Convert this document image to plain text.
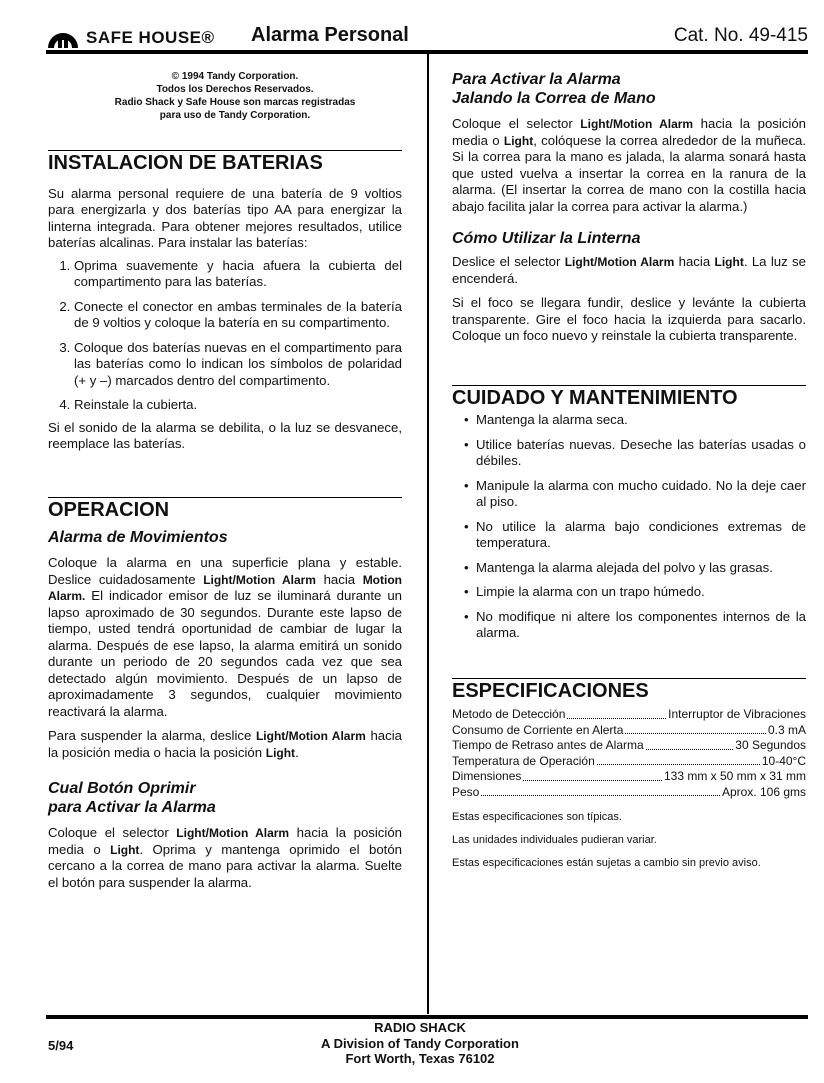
SAFE HOUSE® Alarma Personal	Cat. No. 49-415
© 1994 Tandy Corporation.
Todos los Derechos Reservados.
Radio Shack y Safe House son marcas registradas
para uso de Tandy Corporation.
INSTALACION DE BATERIAS

Su alarma personal requiere de una batería de 9 voltios para energizarla y dos baterías tipo AA para energizar la linterna integrada. Para obtener mejores resultados, utilice baterías alcalinas. Para instalar las baterías:

1. Oprima suavemente y hacia afuera la cubierta del compartimento para las baterías.
2. Conecte el conector en ambas terminales de la batería de 9 voltios y coloque la batería en su compartimento.
3. Coloque dos baterías nuevas en el compartimento para las baterías como lo indican los símbolos de polaridad (+ y –) marcados dentro del compartimento.
4. Reinstale la cubierta.

Si el sonido de la alarma se debilita, o la luz se desvanece, reemplace las baterías.

OPERACION
Alarma de Movimientos

Coloque la alarma en una superficie plana y estable. Deslice cuidadosamente Light/Motion Alarm hacia Motion Alarm. El indicador emisor de luz se iluminará durante un lapso aproximado de 30 segundos. Durante este lapso de tiempo, usted tendrá oportunidad de cambiar de lugar la alarma. Después de ese lapso, la alarma emitirá un sonido durante un periodo de 20 segundos cada vez que sea detectado algún movimiento. Después de un lapso de aproximadamente 3 segundos, cualquier movimiento reactivará la alarma.

Para suspender la alarma, deslice Light/Motion Alarm hacia la posición media o hacia la posición Light.

Cual Botón Oprimir
para Activar la Alarma

Coloque el selector Light/Motion Alarm hacia la posición media o Light. Oprima y mantenga oprimido el botón cercano a la correa de mano para activar la alarma. Suelte el botón para suspender la alarma.

Para Activar la Alarma
Jalando la Correa de Mano

Coloque el selector Light/Motion Alarm hacia la posición media o Light, colóquese la correa alrededor de la muñeca. Si la correa para la mano es jalada, la alarma sonará hasta que usted vuelva a insertar la correa en la ranura de la alarma. (El insertar la correa de mano con la costilla hacia abajo facilita jalar la correa para activar la alarma.)

Cómo Utilizar la Linterna

Deslice el selector Light/Motion Alarm hacia Light. La luz se encenderá.

Si el foco se llegara fundir, deslice y levánte la cubierta transparente. Gire el foco hacia la izquierda para sacarlo. Coloque un foco nuevo y reinstale la cubierta transparente.

CUIDADO Y MANTENIMIENTO
• Mantenga la alarma seca.
• Utilice baterías nuevas. Deseche las baterías usadas o débiles.
• Manipule la alarma con mucho cuidado. No la deje caer al piso.
• No utilice la alarma bajo condiciones extremas de temperatura.
• Mantenga la alarma alejada del polvo y las grasas.
• Limpie la alarma con un trapo húmedo.
• No modifique ni altere los componentes internos de la alarma.
ESPECIFICACIONES
Metodo de Detección	Interruptor de Vibraciones
Consumo de Corriente en Alerta	0.3 mA
Tiempo de Retraso antes de Alarma	30 Segundos
Temperatura de Operación	10-40°C
Dimensiones	133 mm x 50 mm x 31 mm
Peso	Aprox. 106 gms

Estas especificaciones son típicas.

Las unidades individuales pudieran variar.

Estas especificaciones están sujetas a cambio sin previo aviso.

5/94
RADIO SHACK
A Division of Tandy Corporation
Fort Worth, Texas 76102
